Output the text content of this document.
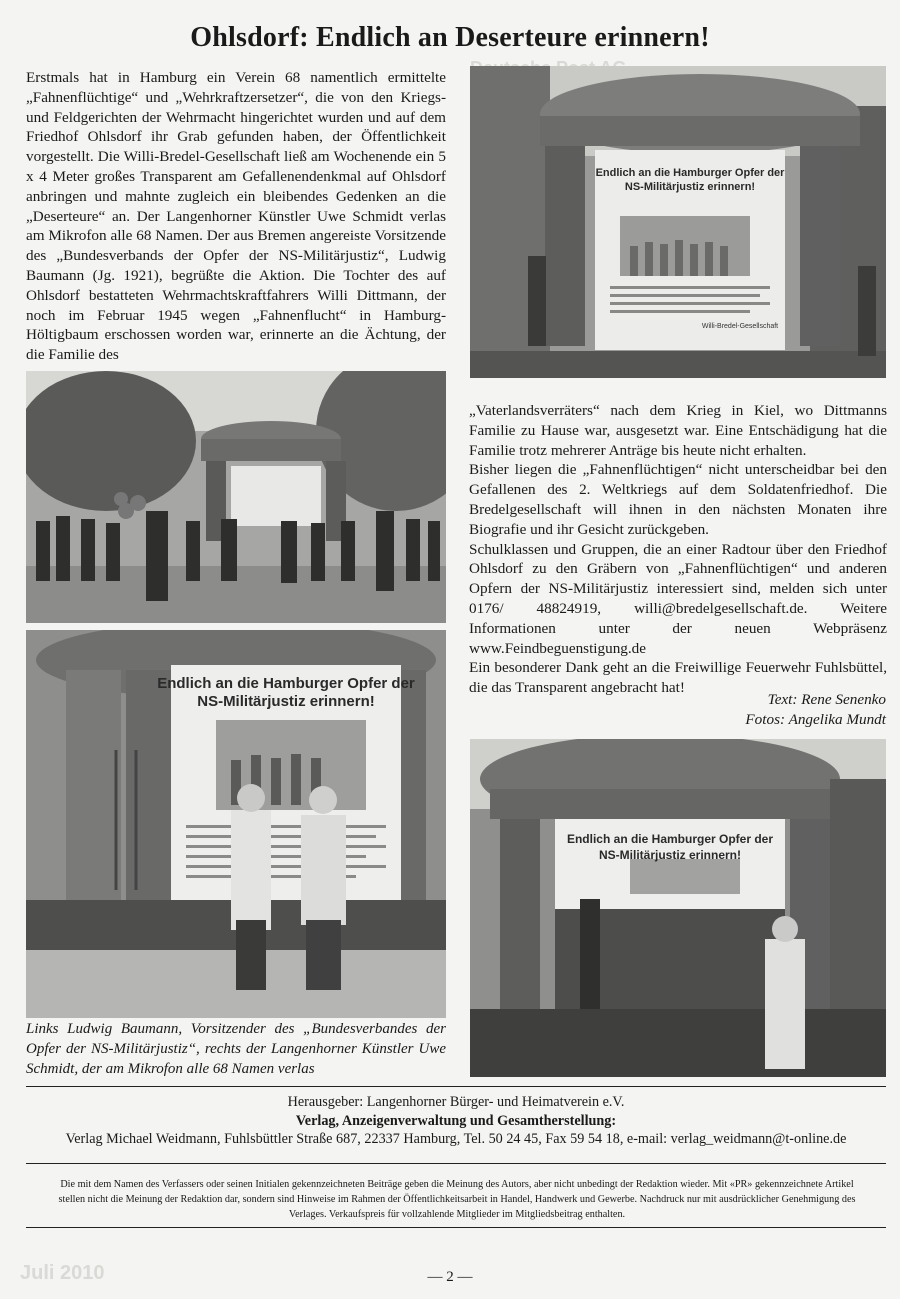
Juli 2010
Ohlsdorf: Endlich an Deserteure erinnern!

Erstmals hat in Hamburg ein Verein 68 namentlich ermittelte „Fahnenflüchtige“ und „Wehrkraftzersetzer“, die von den Kriegs- und Feldgerichten der Wehrmacht hingerichtet wurden und auf dem Friedhof Ohlsdorf ihr Grab gefunden haben, der Öffentlichkeit vorgestellt. Die Willi-Bredel-Gesellschaft ließ am Wochenende ein 5 x 4 Meter großes Transparent am Gefallenendenkmal auf Ohlsdorf anbringen und mahnte zugleich ein bleibendes Gedenken an die „Deserteure“ an. Der Langenhorner Künstler Uwe Schmidt verlas am Mikrofon alle 68 Namen. Der aus Bremen angereiste Vorsitzende des „Bundesverbands der Opfer der NS-Militärjustiz“, Ludwig Baumann (Jg. 1921), begrüßte die Aktion. Die Tochter des auf Ohlsdorf bestatteten Wehrmachtskraftfahrers Willi Dittmann, der noch im Februar 1945 wegen „Fahnenflucht“ in Hamburg-Höltigbaum erschossen worden war, erinnerte an die Ächtung, der die Familie des

Endlich an die Hamburger Opfer der
NS-Militärjustiz erinnern!
Willi-Bredel-Gesellschaft
Endlich an die Hamburger Opfer der
NS-Militärjustiz erinnern!

„Vaterlandsverräters“ nach dem Krieg in Kiel, wo Dittmanns Familie zu Hause war, ausgesetzt war. Eine Entschädigung hat die Familie trotz mehrerer Anträge bis heute nicht erhalten.

Bisher liegen die „Fahnenflüchtigen“ nicht unterscheidbar bei den Gefallenen des 2. Weltkriegs auf dem Soldatenfriedhof. Die Bredelgesellschaft will ihnen in den nächsten Monaten ihre Biografie und ihr Gesicht zurückgeben.

Schulklassen und Gruppen, die an einer Radtour über den Friedhof Ohlsdorf zu den Gräbern von „Fahnenflüchtigen“ und anderen Opfern der NS-Militärjustiz interessiert sind, melden sich unter 0176/ 48824919, willi@bredelgesellschaft.de. Weitere Informationen unter der neuen Webpräsenz www.Feindbeguenstigung.de

Ein besonderer Dank geht an die Freiwillige Feuerwehr Fuhlsbüttel, die das Transparent angebracht hat!

Text: Rene Senenko
Fotos: Angelika Mundt
Endlich an die Hamburger Opfer der
NS-Militärjustiz erinnern!
Links Ludwig Baumann, Vorsitzender des „Bundesverbandes der Opfer der NS-Militärjustiz“, rechts der Langenhorner Künstler Uwe Schmidt, der am Mikrofon alle 68 Namen verlas
Herausgeber: Langenhorner Bürger- und Heimatverein e.V.
Verlag, Anzeigenverwaltung und Gesamtherstellung:
Verlag Michael Weidmann, Fuhlsbüttler Straße 687, 22337 Hamburg, Tel. 50 24 45, Fax 59 54 18, e-mail: verlag_weidmann@t-online.de
Die mit dem Namen des Verfassers oder seinen Initialen gekennzeichneten Beiträge geben die Meinung des Autors, aber nicht unbedingt der Redaktion wieder. Mit «PR» gekennzeichnete Artikel stellen nicht die Meinung der Redaktion dar, sondern sind Hinweise im Rahmen der Öffentlichkeitsarbeit in Handel, Handwerk und Gewerbe. Nachdruck nur mit ausdrücklicher Genehmigung des Verlages. Verkaufspreis für vollzahlende Mitglieder im Mitgliedsbeitrag enthalten.
— 2 —
